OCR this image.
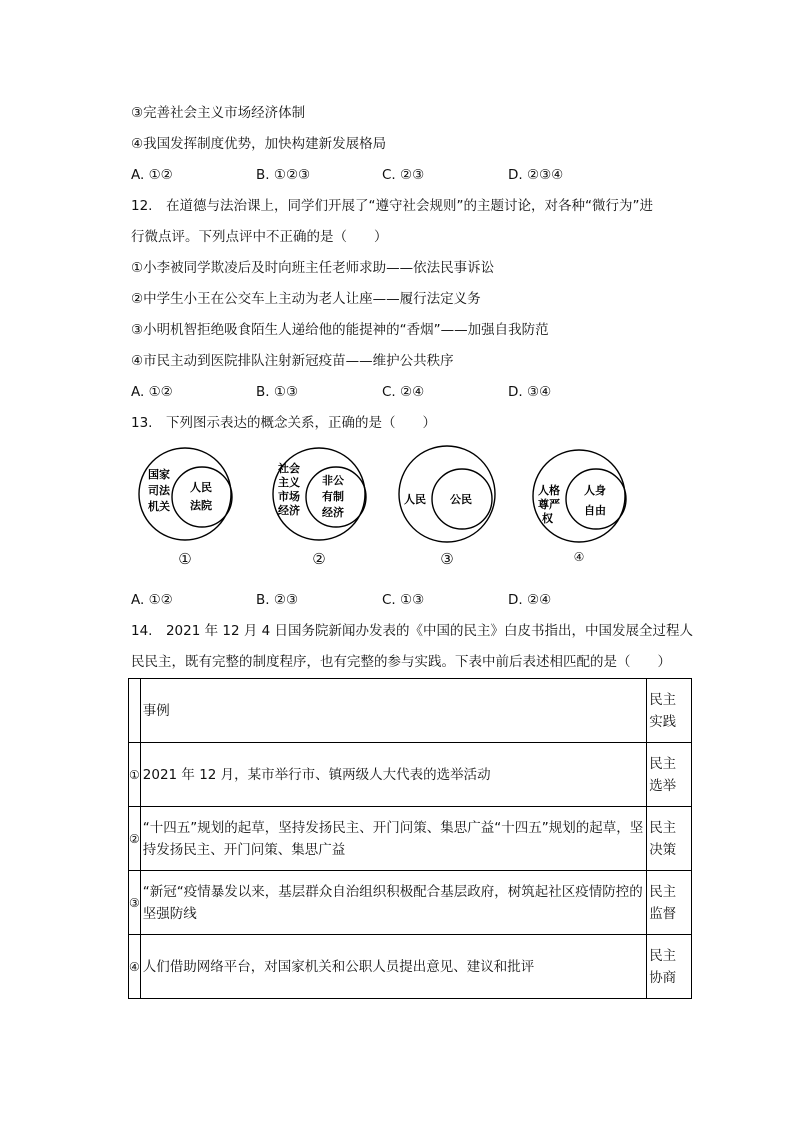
③完善社会主义市场经济体制
④我国发挥制度优势，加快构建新发展格局
A. ①②	B. ①②③	C. ②③	D. ②③④
12.　在道德与法治课上，同学们开展了“遵守社会规则”的主题讨论，对各种“微行为”进
行微点评。下列点评中不正确的是（　　）
①小李被同学欺凌后及时向班主任老师求助——依法民事诉讼
②中学生小王在公交车上主动为老人让座——履行法定义务
③小明机智拒绝吸食陌生人递给他的能提神的“香烟”——加强自我防范
④市民主动到医院排队注射新冠疫苗——维护公共秩序
A. ①②	B. ①③	C. ②④	D. ③④
13.　下列图示表达的概念关系，正确的是（　　）
国家
司法
机关
人民
法院
①
社会
主义
市场
经济
非公
有制
经济
②
人民 公民
③
人格
尊严
权
人身
自由
④
A. ①②	B. ②③	C. ①③	D. ②④
14.　2021 年 12 月 4 日国务院新闻办发表的《中国的民主》白皮书指出，中国发展全过程人
民民主，既有完整的制度程序，也有完整的参与实践。下表中前后表述相匹配的是（　　）
	事例	民主实践
①	2021 年 12 月，某市举行市、镇两级人大代表的选举活动	民主选举
②	“十四五”规划的起草，坚持发扬民主、开门问策、集思广益“十四五”规划的起草，坚持发扬民主、开门问策、集思广益	民主决策
③	“新冠“疫情暴发以来，基层群众自治组织积极配合基层政府，树筑起社区疫情防控的坚强防线	民主监督
④	人们借助网络平台，对国家机关和公职人员提出意见、建议和批评	民主协商
